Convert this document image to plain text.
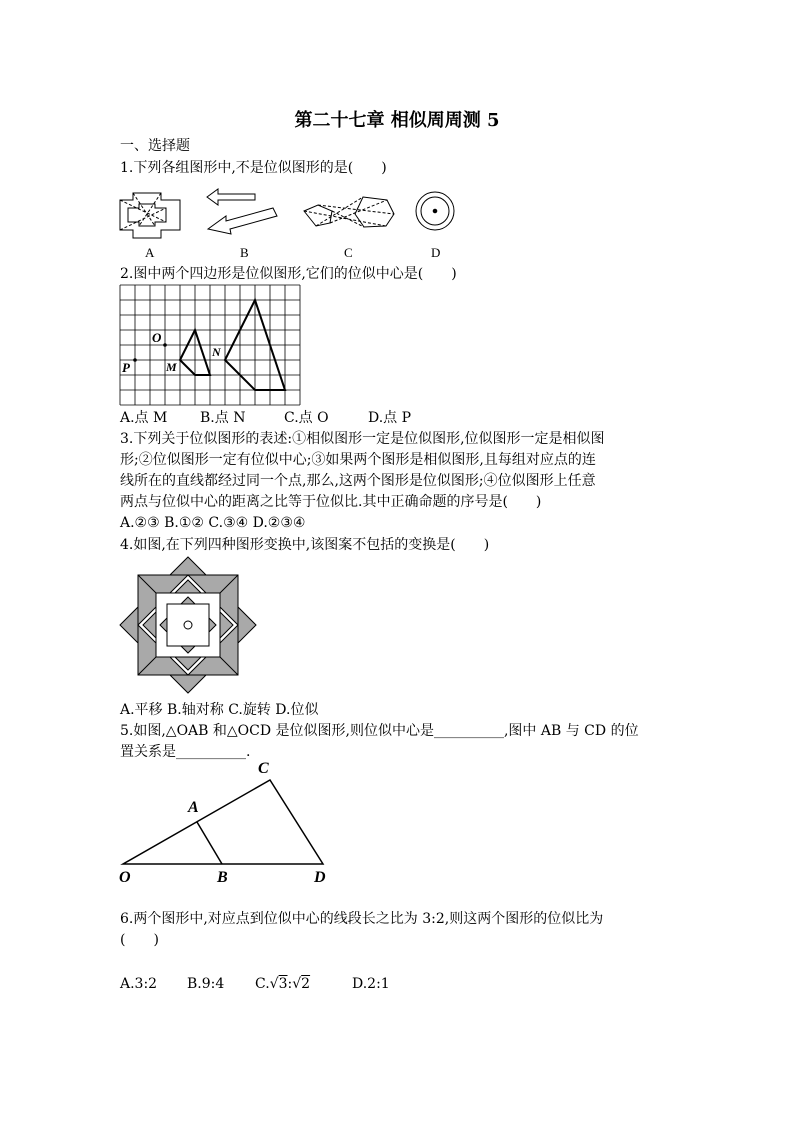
第二十七章 相似周周测 5
一、选择题
1.下列各组图形中,不是位似图形的是(　　)
A	B	C	D
2.图中两个四边形是位似图形,它们的位似中心是(　　)
O
P	M
N
A.点 M B.点 N	C.点 O	D.点 P
3.下列关于位似图形的表述:①相似图形一定是位似图形,位似图形一定是相似图
形;②位似图形一定有位似中心;③如果两个图形是相似图形,且每组对应点的连
线所在的直线都经过同一个点,那么,这两个图形是位似图形;④位似图形上任意
两点与位似中心的距离之比等于位似比.其中正确命题的序号是(　　)
A.②③ B.①② C.③④ D.②③④
4.如图,在下列四种图形变换中,该图案不包括的变换是(　　)
A.平移 B.轴对称 C.旋转 D.位似
5.如图,△OAB 和△OCD 是位似图形,则位似中心是__________,图中 AB 与 CD 的位
置关系是__________.
C
A
O	B	D
6.两个图形中,对应点到位似中心的线段长之比为 3:2,则这两个图形的位似比为
(　　)
A.3:2 B.9:4 C.√3:√2	D.2:1
